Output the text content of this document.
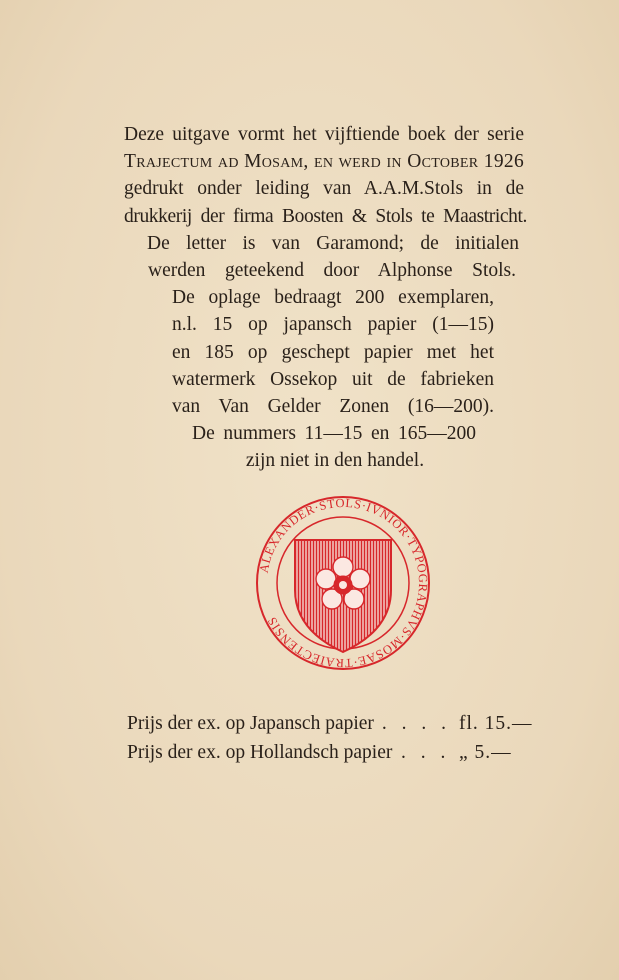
Deze uitgave vormt het vijftiende boek der serie
Trajectum ad Mosam, en werd in October 1926
gedrukt onder leiding van A.A.M.Stols in de
drukkerij der firma Boosten & Stols te Maastricht.
De letter is van Garamond; de initialen
werden geteekend door Alphonse Stols.
De oplage bedraagt 200 exemplaren,
n.l. 15 op japansch papier (1—15)
en 185 op geschept papier met het
watermerk Ossekop uit de fabrieken
van Van Gelder Zonen (16—200).
De nummers 11—15 en 165—200
zijn niet in den handel.
ALEXANDER·STOLS·IVNIOR·TYPOGRAPHVS·MOSAE·TRAIECTENSIS
Prijs der ex. op Japansch papier . . . . fl. 15.—
Prijs der ex. op Hollandsch papier . . . „ 5.—
